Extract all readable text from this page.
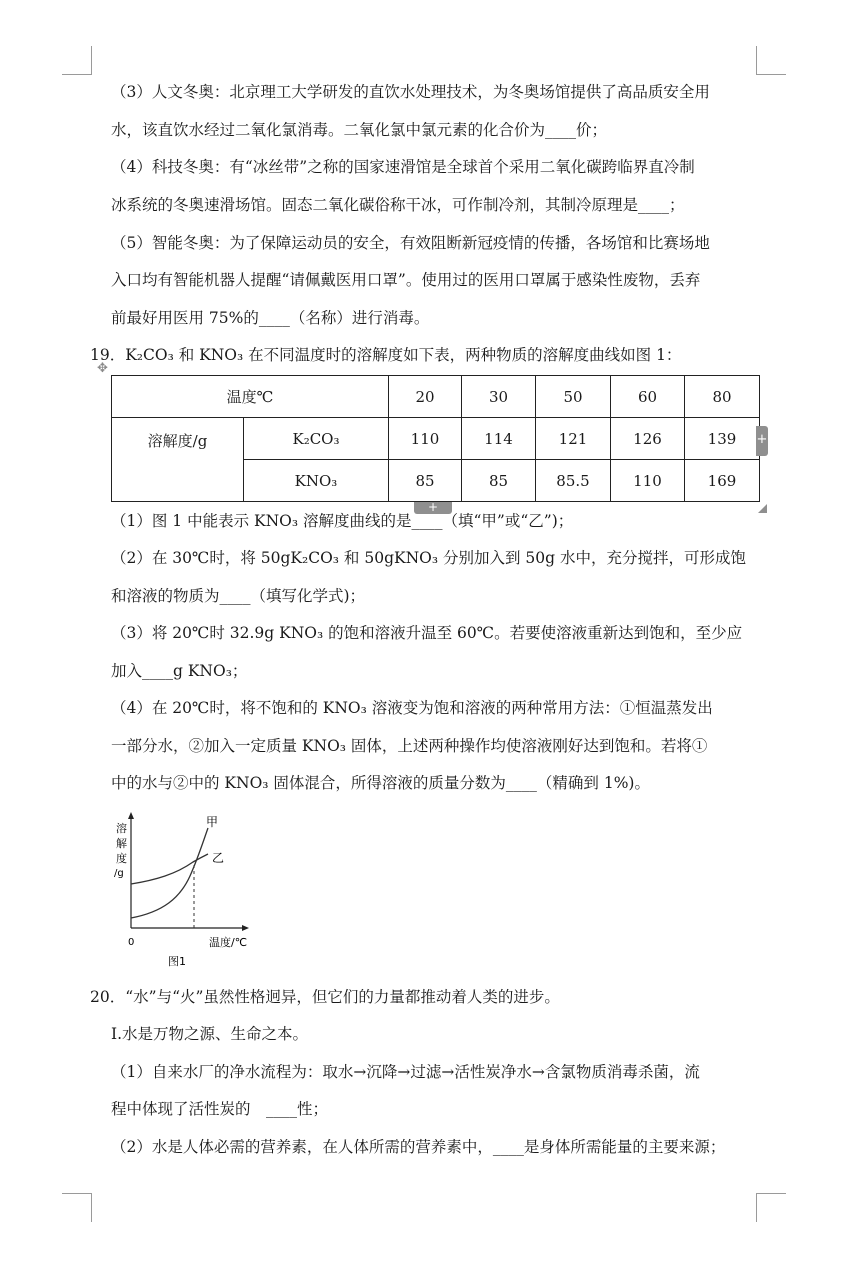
（3）人文冬奥：北京理工大学研发的直饮水处理技术，为冬奥场馆提供了高品质安全用
水，该直饮水经过二氧化氯消毒。二氧化氯中氯元素的化合价为____价；
（4）科技冬奥：有“冰丝带”之称的国家速滑馆是全球首个采用二氧化碳跨临界直冷制
冰系统的冬奥速滑场馆。固态二氧化碳俗称干冰，可作制冷剂，其制冷原理是____；
（5）智能冬奥：为了保障运动员的安全，有效阻断新冠疫情的传播，各场馆和比赛场地
入口均有智能机器人提醒“请佩戴医用口罩”。使用过的医用口罩属于感染性废物，丢弃
前最好用医用 75%的____（名称）进行消毒。
19．K₂CO₃ 和 KNO₃ 在不同温度时的溶解度如下表，两种物质的溶解度曲线如图 1：
✥
温度℃		20	30	50	60	80
溶解度/g	K₂CO₃	110	114	121	126	139
	KNO₃	85	85	85.5	110	169
+
+
（1）图 1 中能表示 KNO₃ 溶解度曲线的是____（填“甲”或“乙”)；
（2）在 30℃时，将 50gK₂CO₃ 和 50gKNO₃ 分别加入到 50g 水中，充分搅拌，可形成饱
和溶液的物质为____（填写化学式)；
（3）将 20℃时 32.9g KNO₃ 的饱和溶液升温至 60℃。若要使溶液重新达到饱和，至少应
加入____g KNO₃；
（4）在 20℃时，将不饱和的 KNO₃ 溶液变为饱和溶液的两种常用方法：①恒温蒸发出
一部分水，②加入一定质量 KNO₃ 固体，上述两种操作均使溶液刚好达到饱和。若将①
中的水与②中的 KNO₃ 固体混合，所得溶液的质量分数为____（精确到 1%)。
溶
解
度
/g
甲
乙
0	温度/℃
图1
20．“水”与“火”虽然性格迥异，但它们的力量都推动着人类的进步。
Ⅰ.水是万物之源、生命之本。
（1）自来水厂的净水流程为：取水→沉降→过滤→活性炭净水→含氯物质消毒杀菌，流
程中体现了活性炭的　____性；
（2）水是人体必需的营养素，在人体所需的营养素中，____是身体所需能量的主要来源；
